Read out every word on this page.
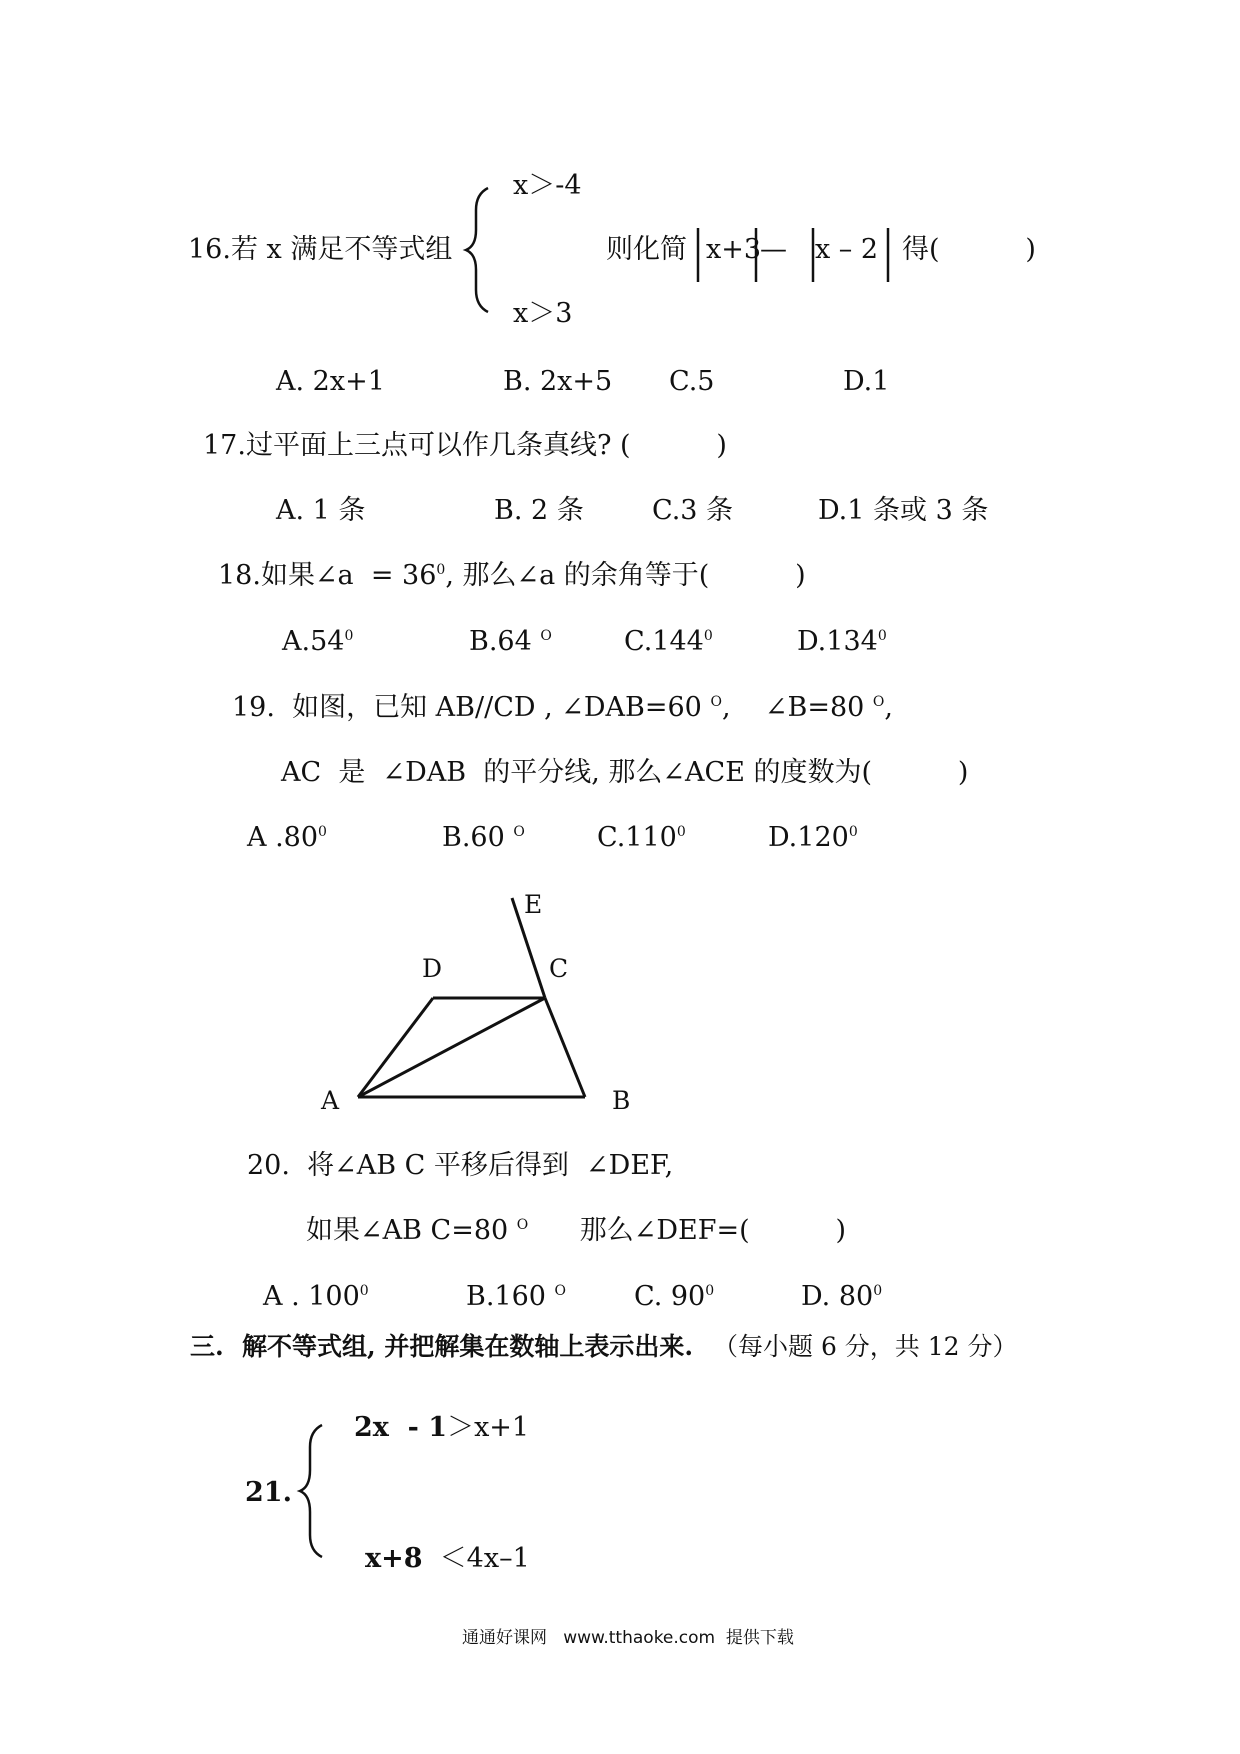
16.若 x 满足不等式组
x＞-4
x＞3
则化简 x+3
— x – 2 得(          )
A. 2x+1	B. 2x+5 C.5	D.1
17.过平面上三点可以作几条真线? (          )
A. 1 条	B. 2 条	C.3 条	D.1 条或 3 条
18.如果∠a  = $36^0$, 那么∠a 的余角等于(          )
$A.54^0$	B.64 $^O$	C.144$^0$	D.134$^0$
19.  如图，已知 AB//CD , ∠DAB=60 $^O$,    ∠B=80 $^O$,
AC  是  ∠DAB  的平分线, 那么∠ACE 的度数为(          )
A $.80^0$	B.60 $^O$	C.110$^0$	D.120$^0$
E
D	C
A	B
20.  将∠AB C 平移后得到  ∠DEF,
如果∠AB C=80 $^O$      那么∠DEF=(          )
A . $100^0$	B.160 $^O$	C. $90^0$	D. $80^0$
三. 解不等式组, 并把解集在数轴上表示出来. （每小题 6 分，共 12 分）
21.
2x  - 1＞x+1
x+8  ＜4x–1
通通好课网   www.tthaoke.com  提供下载
